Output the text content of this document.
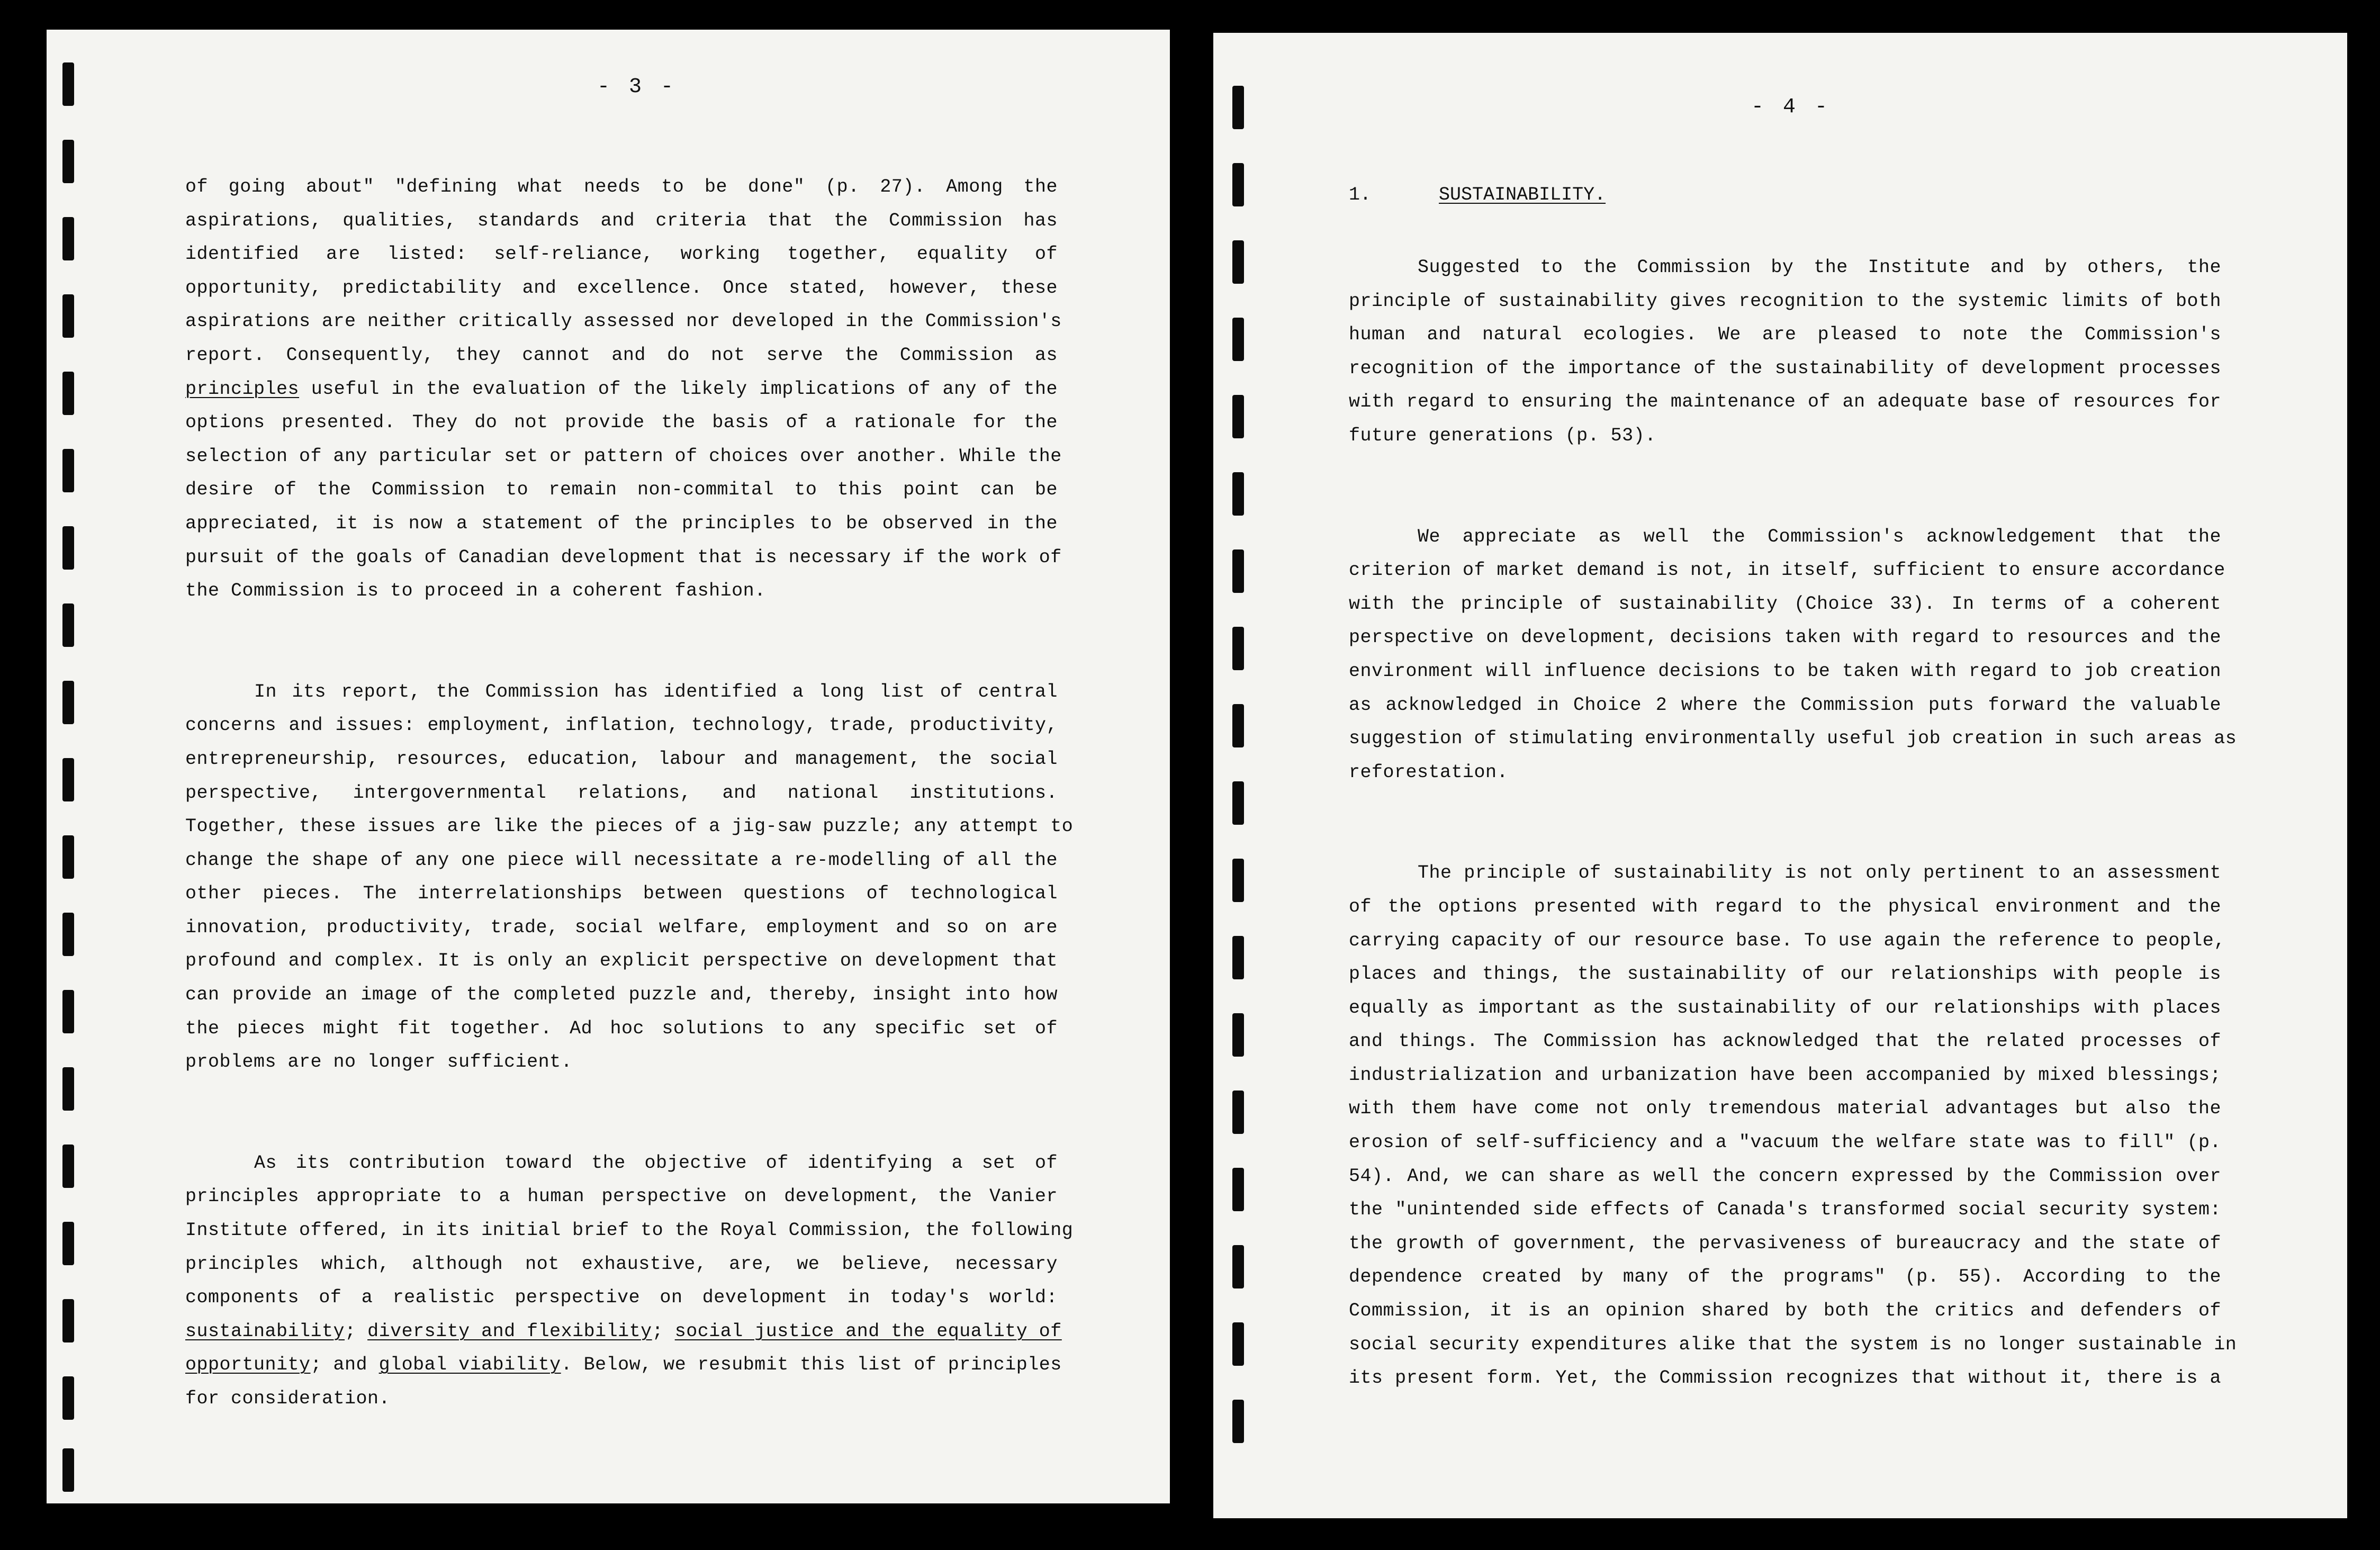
- 3 -

of going about" "defining what needs to be done" (p. 27). Among the
aspirations, qualities, standards and criteria that the Commission has
identified are listed: self-reliance, working together, equality of
opportunity, predictability and excellence. Once stated, however, these
aspirations are neither critically assessed nor developed in the Commission's
report. Consequently, they cannot and do not serve the Commission as
principles useful in the evaluation of the likely implications of any of the
options presented. They do not provide the basis of a rationale for the
selection of any particular set or pattern of choices over another. While the
desire of the Commission to remain non-commital to this point can be
appreciated, it is now a statement of the principles to be observed in the
pursuit of the goals of Canadian development that is necessary if the work of
the Commission is to proceed in a coherent fashion.

In its report, the Commission has identified a long list of central
concerns and issues: employment, inflation, technology, trade, productivity,
entrepreneurship, resources, education, labour and management, the social
perspective, intergovernmental relations, and national institutions.
Together, these issues are like the pieces of a jig-saw puzzle; any attempt to
change the shape of any one piece will necessitate a re-modelling of all the
other pieces. The interrelationships between questions of technological
innovation, productivity, trade, social welfare, employment and so on are
profound and complex. It is only an explicit perspective on development that
can provide an image of the completed puzzle and, thereby, insight into how
the pieces might fit together. Ad hoc solutions to any specific set of
problems are no longer sufficient.

As its contribution toward the objective of identifying a set of
principles appropriate to a human perspective on development, the Vanier
Institute offered, in its initial brief to the Royal Commission, the following
principles which, although not exhaustive, are, we believe, necessary
components of a realistic perspective on development in today's world:
sustainability; diversity and flexibility; social justice and the equality of
opportunity; and global viability. Below, we resubmit this list of principles
for consideration.

- 4 -
1.	SUSTAINABILITY.

Suggested to the Commission by the Institute and by others, the
principle of sustainability gives recognition to the systemic limits of both
human and natural ecologies. We are pleased to note the Commission's
recognition of the importance of the sustainability of development processes
with regard to ensuring the maintenance of an adequate base of resources for
future generations (p. 53).

We appreciate as well the Commission's acknowledgement that the
criterion of market demand is not, in itself, sufficient to ensure accordance
with the principle of sustainability (Choice 33). In terms of a coherent
perspective on development, decisions taken with regard to resources and the
environment will influence decisions to be taken with regard to job creation
as acknowledged in Choice 2 where the Commission puts forward the valuable
suggestion of stimulating environmentally useful job creation in such areas as
reforestation.

The principle of sustainability is not only pertinent to an assessment
of the options presented with regard to the physical environment and the
carrying capacity of our resource base. To use again the reference to people,
places and things, the sustainability of our relationships with people is
equally as important as the sustainability of our relationships with places
and things. The Commission has acknowledged that the related processes of
industrialization and urbanization have been accompanied by mixed blessings;
with them have come not only tremendous material advantages but also the
erosion of self-sufficiency and a "vacuum the welfare state was to fill" (p.
54). And, we can share as well the concern expressed by the Commission over
the "unintended side effects of Canada's transformed social security system:
the growth of government, the pervasiveness of bureaucracy and the state of
dependence created by many of the programs" (p. 55). According to the
Commission, it is an opinion shared by both the critics and defenders of
social security expenditures alike that the system is no longer sustainable in
its present form. Yet, the Commission recognizes that without it, there is a
